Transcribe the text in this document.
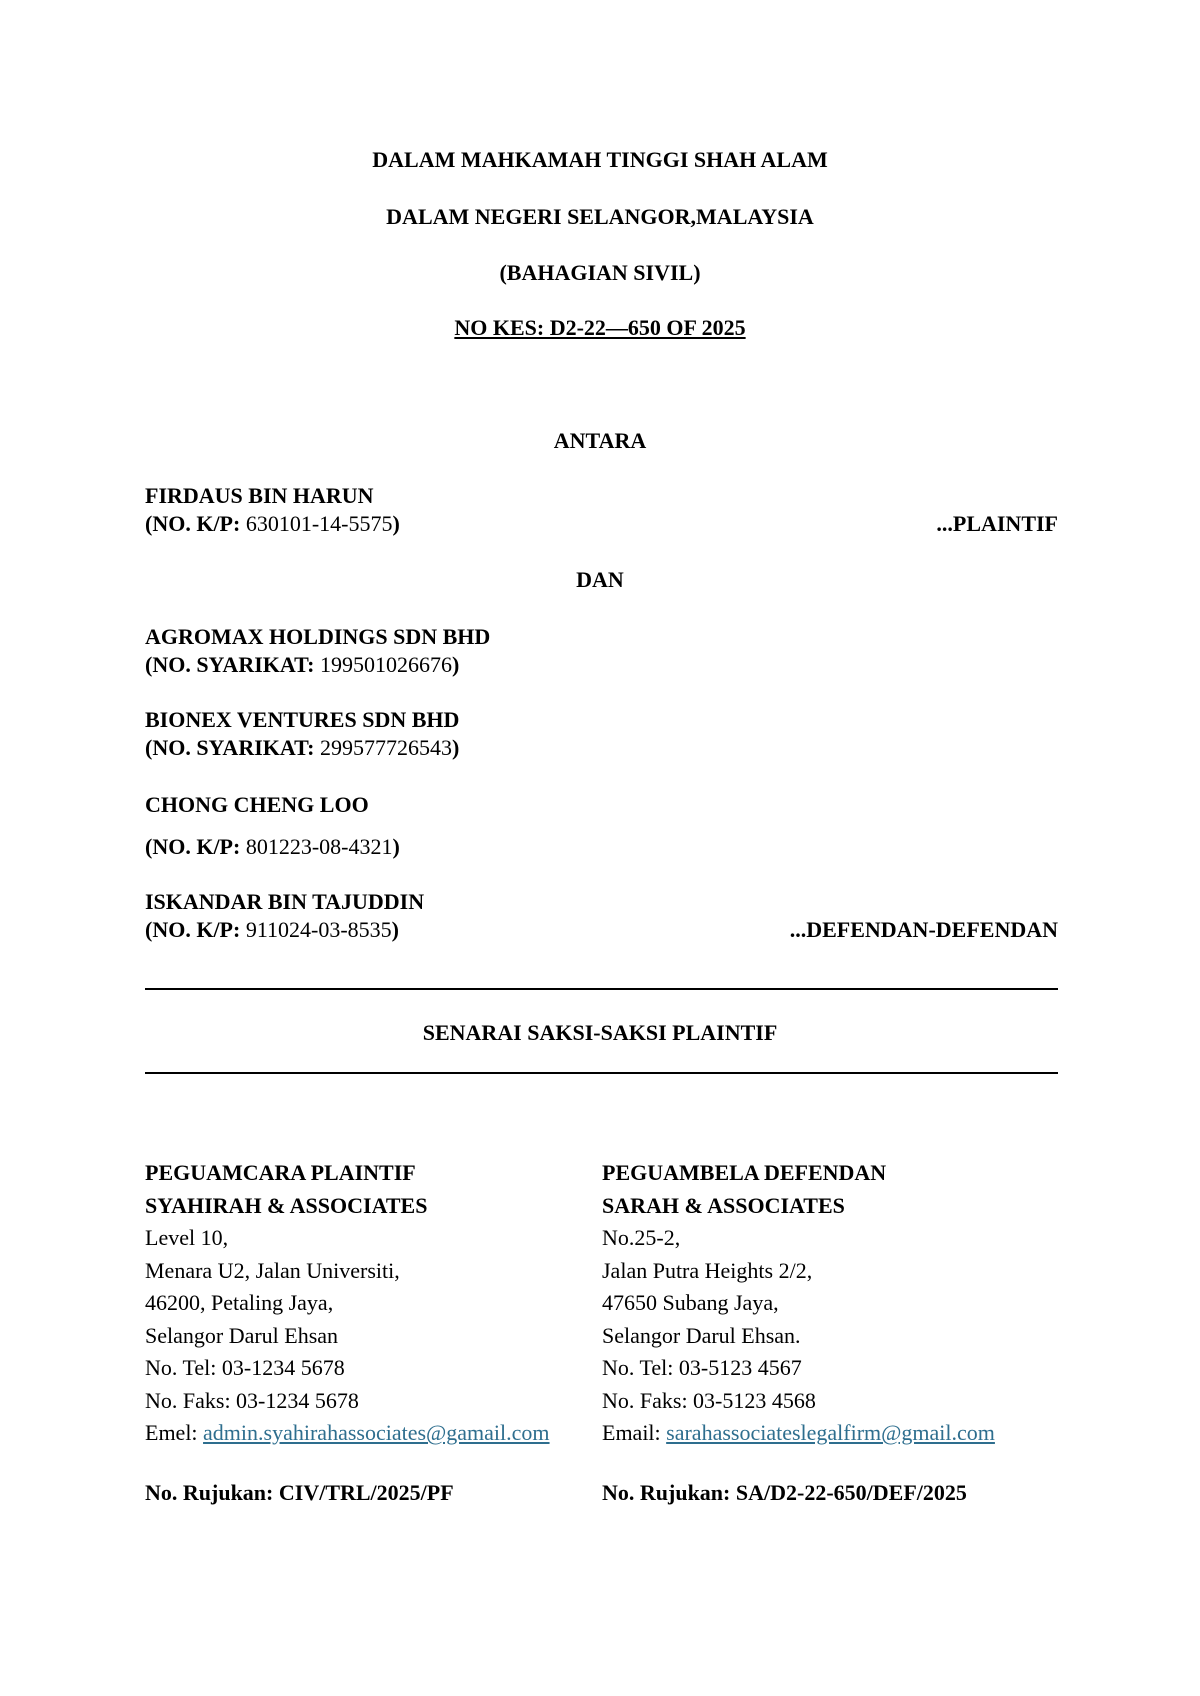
DALAM MAHKAMAH TINGGI SHAH ALAM
DALAM NEGERI SELANGOR,MALAYSIA
(BAHAGIAN SIVIL)
NO KES: D2-22—650 OF 2025
ANTARA
FIRDAUS BIN HARUN
(NO. K/P: 630101-14-5575)	...PLAINTIF
DAN
AGROMAX HOLDINGS SDN BHD
(NO. SYARIKAT: 199501026676)
BIONEX VENTURES SDN BHD
(NO. SYARIKAT: 299577726543)
CHONG CHENG LOO
(NO. K/P: 801223-08-4321)
ISKANDAR BIN TAJUDDIN
(NO. K/P: 911024-03-8535)	...DEFENDAN-DEFENDAN
SENARAI SAKSI-SAKSI PLAINTIF
PEGUAMCARA PLAINTIF
SYAHIRAH & ASSOCIATES
Level 10,
Menara U2, Jalan Universiti,
46200, Petaling Jaya,
Selangor Darul Ehsan
No. Tel: 03-1234 5678
No. Faks: 03-1234 5678
Emel: admin.syahirahassociates@gamail.com
No. Rujukan: CIV/TRL/2025/PF
PEGUAMBELA DEFENDAN
SARAH & ASSOCIATES
No.25-2,
Jalan Putra Heights 2/2,
47650 Subang Jaya,
Selangor Darul Ehsan.
No. Tel: 03-5123 4567
No. Faks: 03-5123 4568
Email: sarahassociateslegalfirm@gmail.com
No. Rujukan: SA/D2-22-650/DEF/2025
